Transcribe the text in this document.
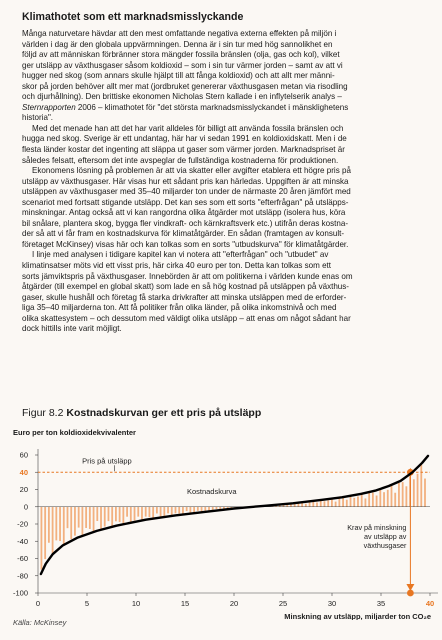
Klimathotet som ett marknadsmisslyckande

Många naturvetare hävdar att den mest omfattande negativa externa effekten på miljön i
världen i dag är den globala uppvärmningen. Denna är i sin tur med hög sannolikhet en
följd av att människan förbränner stora mängder fossila bränslen (olja, gas och kol), vilket
ger utsläpp av växthusgaser såsom koldioxid – som i sin tur värmer jorden – samt av att vi
hugger ned skog (som annars skulle hjälpt till att fånga koldioxid) och att allt mer männi-
skor på jorden behöver allt mer mat (jordbruket genererar växthusgasen metan via risodling
och djurhållning). Den brittiske ekonomen Nicholas Stern kallade i en inflytelserik analys –
Sternrapporten 2006 – klimathotet för "det största marknadsmisslyckandet i mänsklighetens
historia".

Med det menade han att det har varit alldeles för billigt att använda fossila bränslen och
hugga ned skog. Sverige är ett undantag, här har vi sedan 1991 en koldioxidskatt. Men i de
flesta länder kostar det ingenting att släppa ut gaser som värmer jorden. Marknadspriset är
således felsatt, eftersom det inte avspeglar de fullständiga kostnaderna för produktionen.

Ekonomens lösning på problemen är att via skatter eller avgifter etablera ett högre pris på
utsläpp av växthusgaser. Här visas hur ett sådant pris kan härledas. Uppgiften är att minska
utsläppen av växthusgaser med 35–40 miljarder ton under de närmaste 20 åren jämfört med
scenariot med fortsatt stigande utsläpp. Det kan ses som ett sorts "efterfrågan" på utsläpps-
minskningar. Antag också att vi kan rangordna olika åtgärder mot utsläpp (isolera hus, köra
bil snålare, plantera skog, bygga fler vindkraft- och kärnkraftsverk etc.) utifrån deras kostna-
der så att vi får fram en kostnadskurva för klimatåtgärder. En sådan (framtagen av konsult-
företaget McKinsey) visas här och kan tolkas som en sorts "utbudskurva" för klimatåtgärder.

I linje med analysen i tidigare kapitel kan vi notera att "efterfrågan" och "utbudet" av
klimatinsatser möts vid ett visst pris, här cirka 40 euro per ton. Detta kan tolkas som ett
sorts jämviktspris på växthusgaser. Innebörden är att om politikerna i världen kunde enas om
åtgärder (till exempel en global skatt) som lade en så hög kostnad på utsläppen på växthus-
gaser, skulle hushåll och företag få starka drivkrafter att minska utsläppen med de erforder-
liga 35–40 miljarderna ton. Att få politiker från olika länder, på olika inkomstnivå och med
olika skattesystem – och dessutom med väldigt olika utsläpp – att enas om något sådant har
dock hittills inte varit möjligt.

Figur 8.2 Kostnadskurvan ger ett pris på utsläpp
Euro per ton koldioxidekvivalenter
60
40
20
0
-20
-40
-60
-80
-100
0	5	10	15	20	25	30	35	40
Pris på utsläpp
Krav på minskning
av utsläpp av
växthusgaser
Kostnadskurva
Minskning av utsläpp, miljarder ton CO₂e
Källa: McKinsey
